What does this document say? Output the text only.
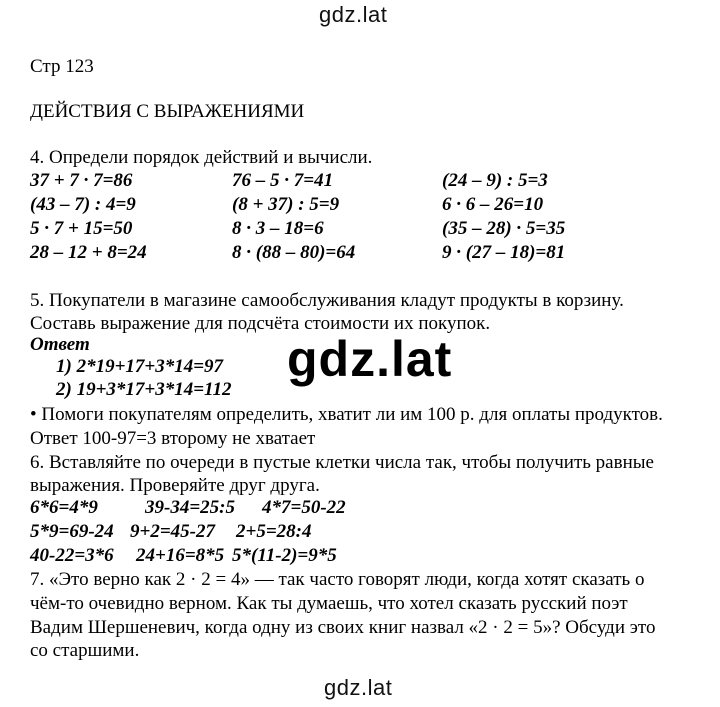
gdz.lat
gdz.lat
gdz.lat
Стр 123
ДЕЙСТВИЯ С ВЫРАЖЕНИЯМИ
4. Определи порядок действий и вычисли.
37 + 7 · 7=86	76 – 5 · 7=41	(24 – 9) : 5=3
(43 – 7) : 4=9	(8 + 37) : 5=9	6 · 6 – 26=10
5 · 7 + 15=50	8 · 3 – 18=6	(35 – 28) · 5=35
28 – 12 + 8=24	8 · (88 – 80)=64	9 · (27 – 18)=81
5. Покупатели в магазине самообслуживания кладут продукты в корзину.
Составь выражение для подсчёта стоимости их покупок.
Ответ
1) 2*19+17+3*14=97
2) 19+3*17+3*14=112
• Помоги покупателям определить, хватит ли им 100 р. для оплаты продуктов.
Ответ 100-97=3 второму не хватает
6. Вставляйте по очереди в пустые клетки числа так, чтобы получить равные
выражения. Проверяйте друг друга.
6*6=4*9 39-34=25:5 4*7=50-22
5*9=69-24 9+2=45-27 2+5=28:4
40-22=3*6 24+16=8*5 5*(11-2)=9*5
7. «Это верно как 2 · 2 = 4» — так часто говорят люди, когда хотят сказать о
чём-то очевидно верном. Как ты думаешь, что хотел сказать русский поэт
Вадим Шершеневич, когда одну из своих книг назвал «2 · 2 = 5»? Обсуди это
со старшими.
